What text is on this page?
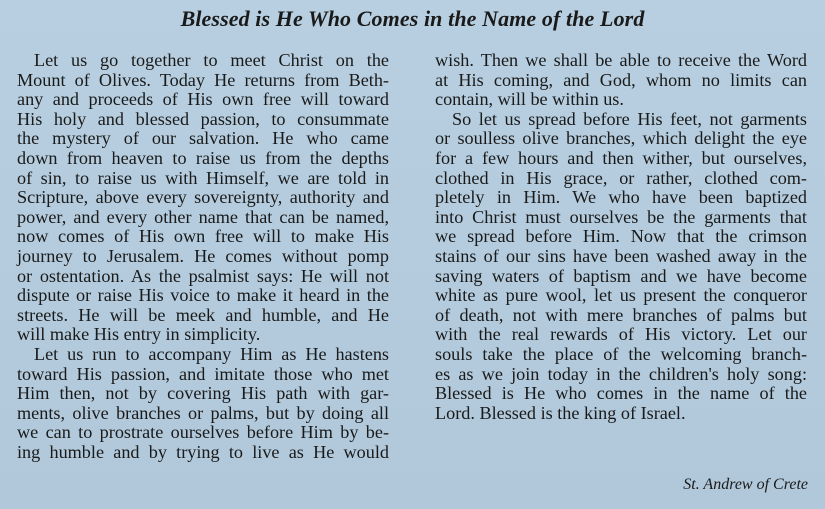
Blessed is He Who Comes in the Name of the Lord
Let us go together to meet Christ on the
Mount of Olives. Today He returns from Beth-
any and proceeds of His own free will toward
His holy and blessed passion, to consummate
the mystery of our salvation. He who came
down from heaven to raise us from the depths
of sin, to raise us with Himself, we are told in
Scripture, above every sovereignty, authority and
power, and every other name that can be named,
now comes of His own free will to make His
journey to Jerusalem. He comes without pomp
or ostentation. As the psalmist says: He will not
dispute or raise His voice to make it heard in the
streets. He will be meek and humble, and He
will make His entry in simplicity.
Let us run to accompany Him as He hastens
toward His passion, and imitate those who met
Him then, not by covering His path with gar-
ments, olive branches or palms, but by doing all
we can to prostrate ourselves before Him by be-
ing humble and by trying to live as He would
wish. Then we shall be able to receive the Word
at His coming, and God, whom no limits can
contain, will be within us.
So let us spread before His feet, not garments
or soulless olive branches, which delight the eye
for a few hours and then wither, but ourselves,
clothed in His grace, or rather, clothed com-
pletely in Him. We who have been baptized
into Christ must ourselves be the garments that
we spread before Him. Now that the crimson
stains of our sins have been washed away in the
saving waters of baptism and we have become
white as pure wool, let us present the conqueror
of death, not with mere branches of palms but
with the real rewards of His victory. Let our
souls take the place of the welcoming branch-
es as we join today in the children's holy song:
Blessed is He who comes in the name of the
Lord. Blessed is the king of Israel.
St. Andrew of Crete
